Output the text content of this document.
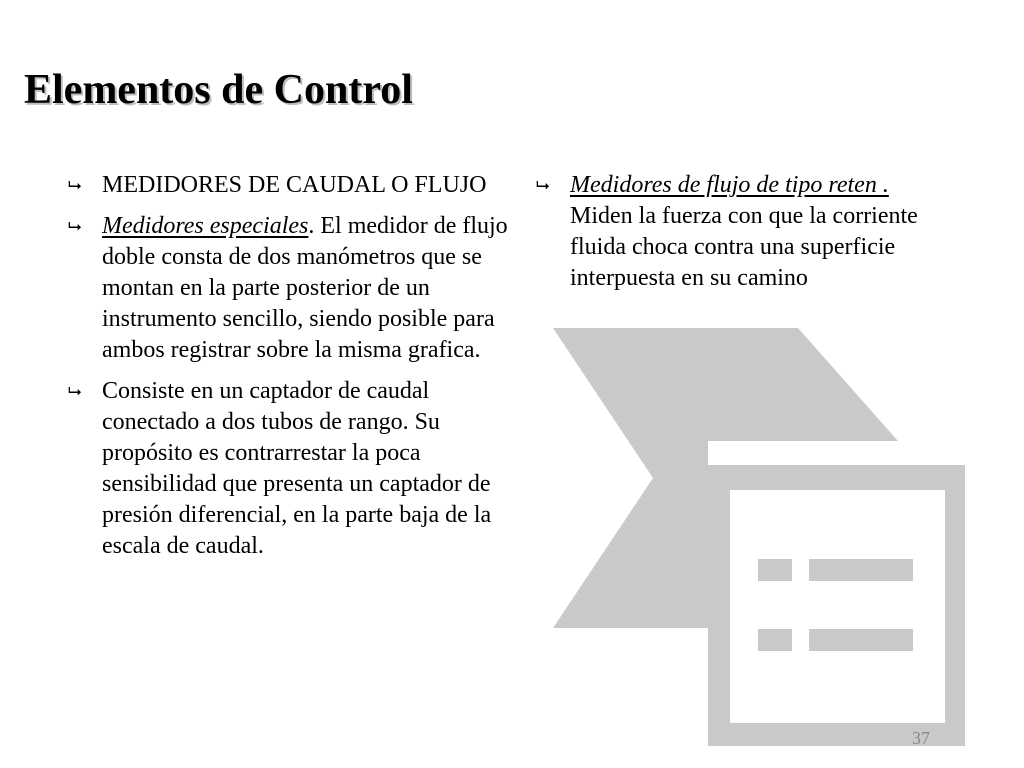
Elementos de Control

⮡ MEDIDORES DE CAUDAL O FLUJO

⮡ Medidores especiales. El medidor de flujo doble consta de dos manómetros que se montan en la parte posterior de un instrumento sencillo, siendo posible para ambos registrar sobre la misma grafica.

⮡ Consiste en un captador de caudal conectado a dos tubos de rango. Su propósito es contrarrestar la poca sensibilidad que presenta un captador de presión diferencial, en la parte baja de la escala de caudal.

⮡ Medidores de flujo de tipo reten . Miden la fuerza con que la corriente fluida choca contra una superficie interpuesta en su camino

37
